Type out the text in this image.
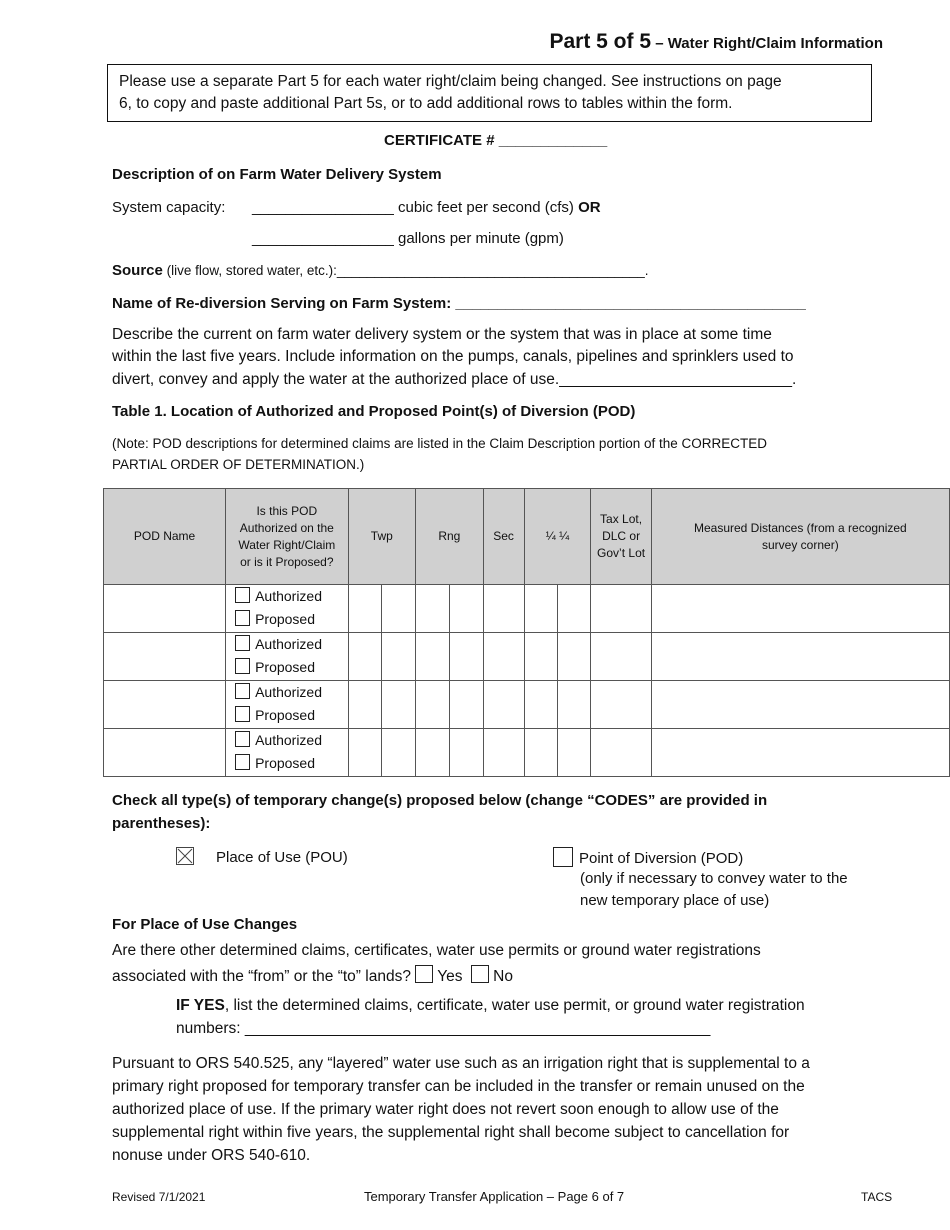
Part 5 of 5 – Water Right/Claim Information
Please use a separate Part 5 for each water right/claim being changed. See instructions on page
6, to copy and paste additional Part 5s, or to add additional rows to tables within the form.
CERTIFICATE # _____________
Description of on Farm Water Delivery System
System capacity: _________________ cubic feet per second (cfs) OR
_________________ gallons per minute (gpm)
Source (live flow, stored water, etc.):_________________________________________.
Name of Re-diversion Serving on Farm System: __________________________________________
Describe the current on farm water delivery system or the system that was in place at some time
within the last five years. Include information on the pumps, canals, pipelines and sprinklers used to
divert, convey and apply the water at the authorized place of use.___________________________.
Table 1. Location of Authorized and Proposed Point(s) of Diversion (POD)
(Note: POD descriptions for determined claims are listed in the Claim Description portion of the CORRECTED
PARTIAL ORDER OF DETERMINATION.)
POD Name	Is this POD Authorized on the Water Right/Claim or is it Proposed?	Twp		Rng		Sec	¼ ¼		Tax Lot, DLC or Gov’t Lot	Measured Distances (from a recognized survey corner)

	Authorized
Proposed									

	Authorized
Proposed									

	Authorized
Proposed									

	Authorized
Proposed									

Check all type(s) of temporary change(s) proposed below (change “CODES” are provided in
parentheses):
Place of Use (POU)	Point of Diversion (POD)
(only if necessary to convey water to the
new temporary place of use)
For Place of Use Changes
Are there other determined claims, certificates, water use permits or ground water registrations
associated with the “from” or the “to” lands? Yes No
IF YES, list the determined claims, certificate, water use permit, or ground water registration
numbers: ______________________________________________________
Pursuant to ORS 540.525, any “layered” water use such as an irrigation right that is supplemental to a
primary right proposed for temporary transfer can be included in the transfer or remain unused on the
authorized place of use. If the primary water right does not revert soon enough to allow use of the
supplemental right within five years, the supplemental right shall become subject to cancellation for
nonuse under ORS 540-610.
Revised 7/1/2021	Temporary Transfer Application – Page 6 of 7	TACS
